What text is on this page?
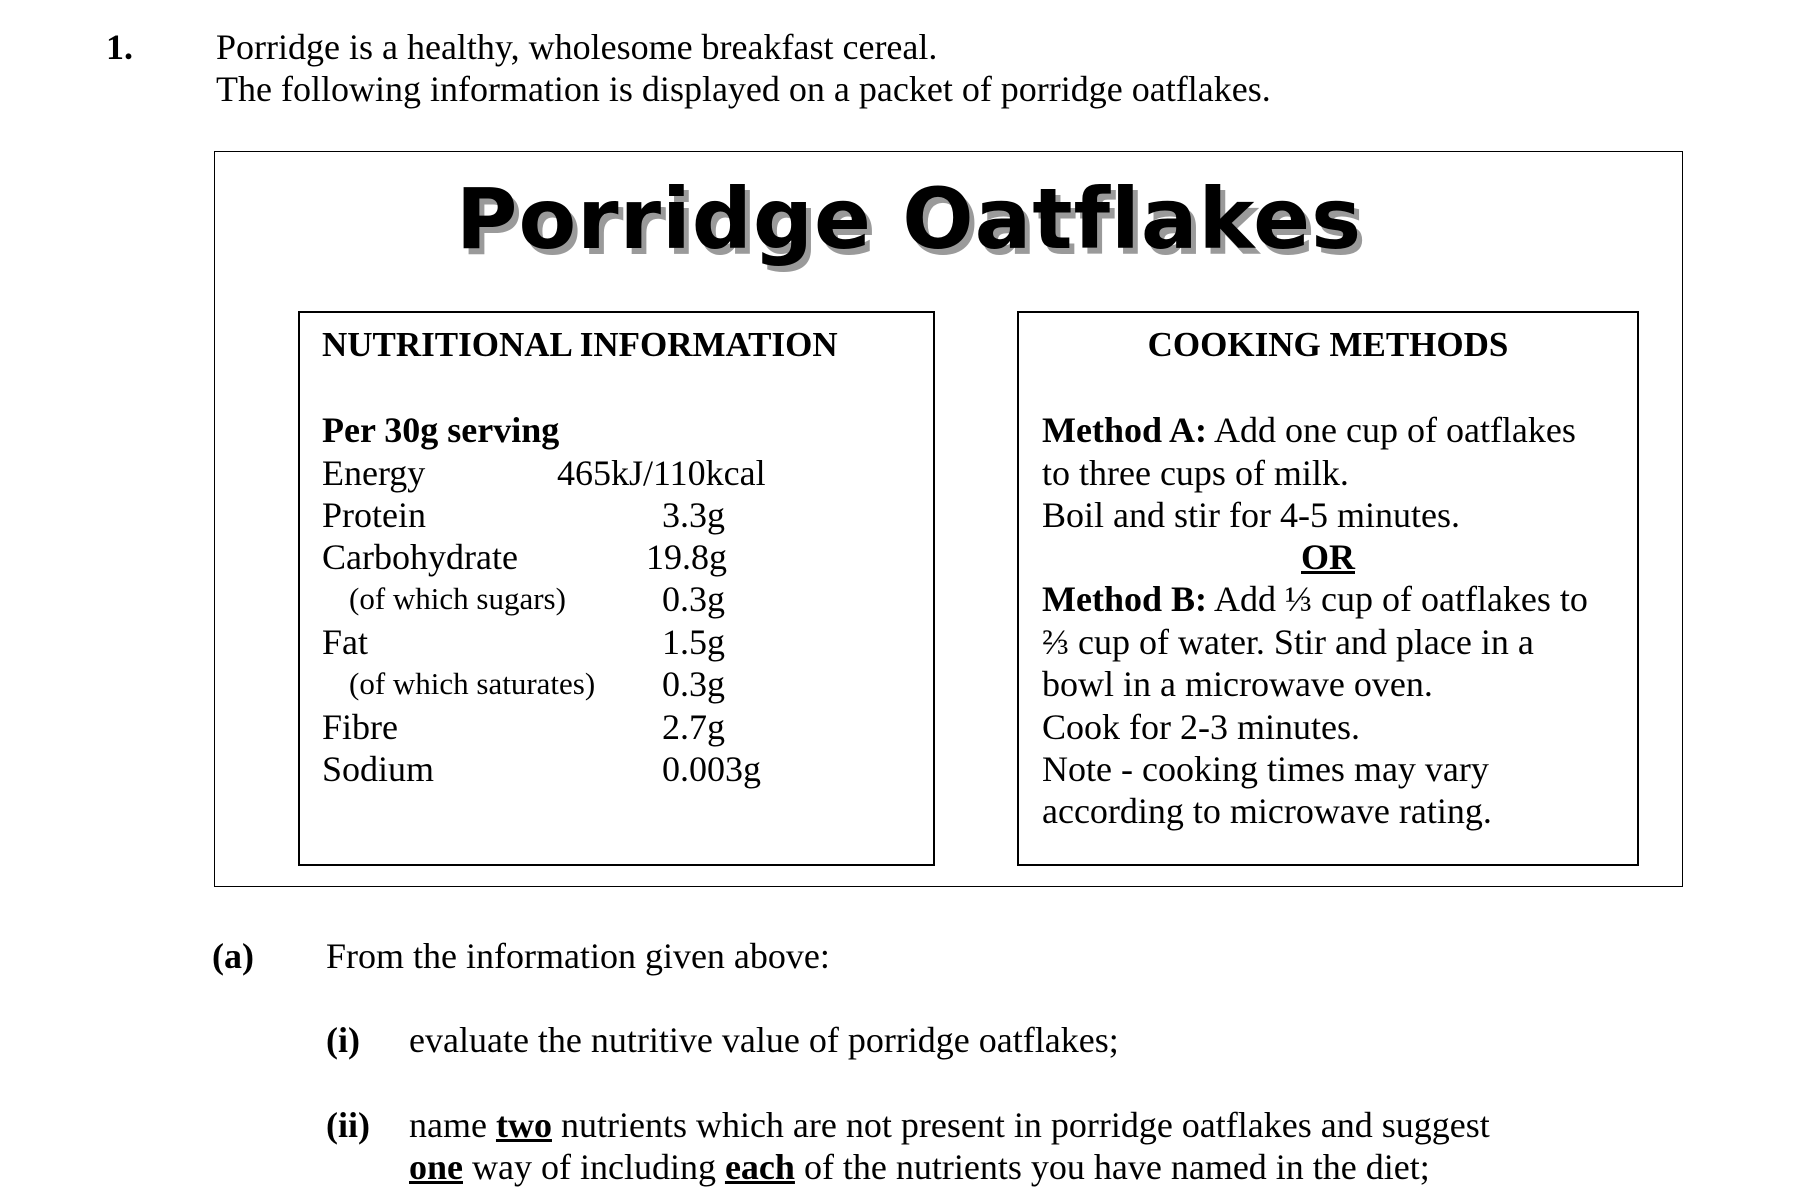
1. Porridge is a healthy, wholesome breakfast cereal.
The following information is displayed on a packet of porridge oatflakes.
Porridge Oatflakes
NUTRITIONAL INFORMATION
Per 30g serving
Energy	465kJ/110kcal
Protein	3.3g
Carbohydrate	19.8g
(of which sugars)	0.3g
Fat	1.5g
(of which saturates) 0.3g
Fibre	2.7g
Sodium	0.003g
COOKING METHODS
Method A: Add one cup of oatflakes
to three cups of milk.
Boil and stir for 4-5 minutes.
OR
Method B: Add ⅓ cup of oatflakes to
⅔ cup of water. Stir and place in a
bowl in a microwave oven.
Cook for 2-3 minutes.
Note - cooking times may vary
according to microwave rating.
(a) From the information given above:
(i) evaluate the nutritive value of porridge oatflakes;
(ii) name two nutrients which are not present in porridge oatflakes and suggest
one way of including each of the nutrients you have named in the diet;
